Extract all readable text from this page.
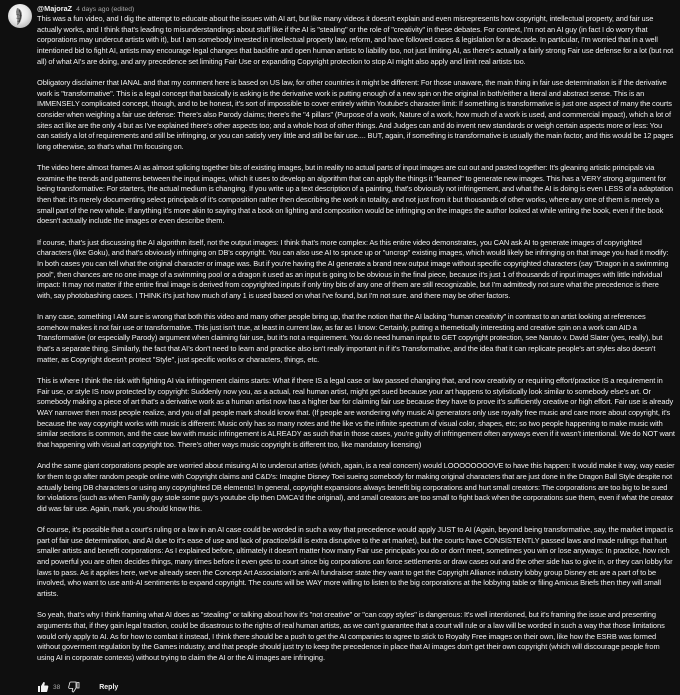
@MajoraZ 4 days ago (edited)

This was a fun video, and I dig the attempt to educate about the issues with AI art, but like many videos it doesn't explain and even misrepresents how copyright, intellectual property, and fair use actually works, and I think that's leading to misunderstandings about stuff like if the AI is "stealing" or the role of "creativity" in these debates. For context, I'm not an AI guy (in fact I do worry that corporations may undercut artists with it), but I am somebody invested in intellectual property law, reform, and have followed cases & legislation for a decade. In particular, I'm worried that in a well intentioned bid to fight AI, artists may encourage legal changes that backfire and open human artists to liability too, not just limiting AI, as there's actually a fairly strong Fair use defense for a lot (but not all) of what AI's are doing, and any precedence set limiting Fair Use or expanding Copyright protection to stop AI might also apply and limit real artists too.

Obligatory disclaimer that IANAL and that my comment here is based on US law, for other countries it might be different: For those unaware, the main thing in fair use determination is if the derivative work is "transformative". This is a legal concept that basically is asking is the derivative work is putting enough of a new spin on the original in both/either a literal and abstract sense. This is an IMMENSELY complicated concept, though, and to be honest, it's sort of impossible to cover entirely within Youtube's character limit: If something is transformative is just one aspect of many the courts consider when weighing a fair use defense: There's also Parody claims; there's the "4 pillars" (Purpose of a work, Nature of a work, how much of a work is used, and commercial impact), which a lot of sites act like are the only 4 but as I've explained there's other aspects too; and a whole host of other things. And Judges can and do invent new standards or weigh certain aspects more or less: You can satisfy a lot of requirements and still be infringing, or you can satisfy very little and still be fair use.... BUT, again, if something is transformative is usually the main factor, and this would be 12 pages long otherwise, so that's what I'm focusing on.

The video here almost frames AI as almost splicing together bits of existing images, but in reality no actual parts of input images are cut out and pasted together: It's gleaning artistic principals via examine the trends and patterns between the input images, which it uses to develop an algorithm that can apply the things it "learned" to generate new images. This has a VERY strong argument for being transformative: For starters, the actual medium is changing. If you write up a text description of a painting, that's obviously not infringement, and what the AI is doing is even LESS of a adaptation then that: it's merely documenting select principals of it's composition rather then describing the work in totality, and not just from it but thousands of other works, where any one of them is merely a small part of the new whole. If anything it's more akin to saying that a book on lighting and composition would be infringing on the images the author looked at while writing the book, even if the book doesn't actually include the images or even describe them.

If course, that's just discussing the AI algorithm itself, not the output images: I think that's more complex: As this entire video demonstrates, you CAN ask AI to generate images of copyrighted characters (like Goku), and that's obviously infringing on DB's copyright. You can also use AI to spruce up or "uncrop" existing images, which would likely be infringing on that image you had it modify: In both cases you can tell what the original character or image was. But if you're having the AI generate a brand new output image without specific copyrighted characters (say "Dragon in a swimming pool", then chances are no one image of a swimming pool or a dragon it used as an input is going to be obvious in the final piece, because it's just 1 of thousands of input images with little individual impact: It may not matter if the entire final image is derived from copyrighted inputs if only tiny bits of any one of them are still recognizable, but I'm admittedly not sure what the precedence is there with, say photobashing cases. I THINK it's just how much of any 1 is used based on what I've found, but I'm not sure. and there may be other factors.

In any case, something I AM sure is wrong that both this video and many other people bring up, that the notion that the AI lacking "human creativity" in contrast to an artist looking at references somehow makes it not fair use or transformative. This just isn't true, at least in current law, as far as I know: Certainly, putting a themetically interesting and creative spin on a work can AID a Transformative (or especially Parody) argument when claiming fair use, but it's not a requirement. You do need human input to GET copyright protection, see Naruto v. David Slater (yes, really), but that's a separate thing. Similarly, the fact that AI's don't need to learn and practice also isn't really important in if it's Transformative, and the idea that it can replicate people's art styles also doesn't matter, as Copyright doesn't protect "Style", just specific works or characters, things, etc.

This is where I think the risk with fighting AI via infringement claims starts: What if there IS a legal case or law passed changing that, and now creativity or requiring effort/practice IS a requirement in Fair use, or style IS now protected by copyright: Suddenly now you, as a actual, real human artist, might get sued because your art happens to stylistically look similar to somebody else's art. Or somebody making a piece of art that's a derivative work as a human artist now has a higher bar for claiming fair use because they have to prove it's sufficiently creative or high effort. Fair use is already WAY narrower then most people realize, and you of all people mark should know that. (If people are wondering why music AI generators only use royalty free music and care more about copyright, it's because the way copyright works with music is different: Music only has so many notes and the like vs the infinite spectrum of visual color, shapes, etc; so two people happening to make music with similar sections is common, and the case law with music infringement is ALREADY as such that in those cases, you're guilty of infringement often anyways even if it wasn't intentional. We do NOT want that happening with visual art copyright too. There's other ways music copyright is different too, like mandatory licensing)

And the same giant corporations people are worried about misuing AI to undercut artists (which, again, is a real concern) would LOOOOOOOOVE to have this happen: It would make it way, way easier for them to go after random people online with Copyright claims and C&D's: Imagine Disney Toei sueing somebody for making original characters that are just done in the Dragon Ball Style despite not actually being DB characters or using any copyrighted DB elements! In general, copyright expansions always benefit big corporations and hurt small creators: The corporations are too big to be sued for violations (such as when Family guy stole some guy's youtube clip then DMCA'd the original), and small creators are too small to fight back when the corporations sue them, even if what the creator did was fair use. Again, mark, you should know this.

Of course, it's possible that a court's ruling or a law in an AI case could be worded in such a way that precedence would apply JUST to AI (Again, beyond being transformative, say, the market impact is part of fair use determination, and AI due to it's ease of use and lack of practice/skill is extra disruptive to the art market), but the courts have CONSISTENTLY passed laws and made rulings that hurt smaller artists and benefit corporations: As I explained before, ultimately it doesn't matter how many Fair use principals you do or don't meet, sometimes you win or lose anyways: In practice, how rich and powerful you are often decides things, many times before it even gets to court since big corporations can force settlements or draw cases out and the other side has to give in, or they can lobby for laws to pass. As it applies here, we've already seen the Concept Art Association's anti-AI fundraiser state they want to get the Copyright Alliance industry lobby group Disney etc are a part of to be involved, who want to use anti-AI sentiments to expand copyright. The courts will be WAY more willing to listen to the big corporations at the lobbying table or filing Amicus Briefs then they will small artists.

So yeah, that's why I think framing what AI does as "stealing" or talking about how it's "not creative" or "can copy styles" is dangerous: It's well intentioned, but it's framing the issue and presenting arguments that, if they gain legal traction, could be disastrous to the rights of real human artists, as we can't guarantee that a court will rule or a law will be worded in such a way that those limitations would only apply to AI. As for how to combat it instead, I think there should be a push to get the AI companies to agree to stick to Royalty Free images on their own, like how the ESRB was formed without goverment regulation by the Games industry, and that people should just try to keep the precedence in place that AI images don't get their own copyright (which will discourage people from using AI in corporate contexts) without trying to claim the AI or the AI images are infringing.

38	Reply
